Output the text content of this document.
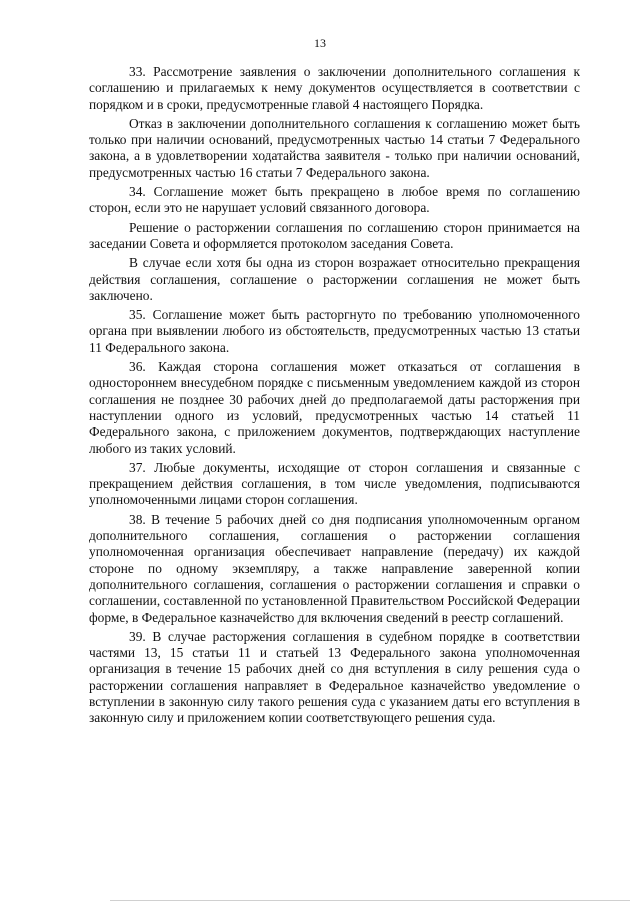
13

33. Рассмотрение заявления о заключении дополнительного соглашения к соглашению и прилагаемых к нему документов осуществляется в соответствии с порядком и в сроки, предусмотренные главой 4 настоящего Порядка.

Отказ в заключении дополнительного соглашения к соглашению может быть только при наличии оснований, предусмотренных частью 14 статьи 7 Федерального закона, а в удовлетворении ходатайства заявителя - только при наличии оснований, предусмотренных частью 16 статьи 7 Федерального закона.

34. Соглашение может быть прекращено в любое время по соглашению сторон, если это не нарушает условий связанного договора.

Решение о расторжении соглашения по соглашению сторон принимается на заседании Совета и оформляется протоколом заседания Совета.

В случае если хотя бы одна из сторон возражает относительно прекращения действия соглашения, соглашение о расторжении соглашения не может быть заключено.

35. Соглашение может быть расторгнуто по требованию уполномоченного органа при выявлении любого из обстоятельств, предусмотренных частью 13 статьи 11 Федерального закона.

36. Каждая сторона соглашения может отказаться от соглашения в одностороннем внесудебном порядке с письменным уведомлением каждой из сторон соглашения не позднее 30 рабочих дней до предполагаемой даты расторжения при наступлении одного из условий, предусмотренных частью 14 статьей 11 Федерального закона, с приложением документов, подтверждающих наступление любого из таких условий.

37. Любые документы, исходящие от сторон соглашения и связанные с прекращением действия соглашения, в том числе уведомления, подписываются уполномоченными лицами сторон соглашения.

38. В течение 5 рабочих дней со дня подписания уполномоченным органом дополнительного соглашения, соглашения о расторжении соглашения уполномоченная организация обеспечивает направление (передачу) их каждой стороне по одному экземпляру, а также направление заверенной копии дополнительного соглашения, соглашения о расторжении соглашения и справки о соглашении, составленной по установленной Правительством Российской Федерации форме, в Федеральное казначейство для включения сведений в реестр соглашений.

39. В случае расторжения соглашения в судебном порядке в соответствии частями 13, 15 статьи 11 и статьей 13 Федерального закона уполномоченная организация в течение 15 рабочих дней со дня вступления в силу решения суда о расторжении соглашения направляет в Федеральное казначейство уведомление о вступлении в законную силу такого решения суда с указанием даты его вступления в законную силу и приложением копии соответствующего решения суда.
